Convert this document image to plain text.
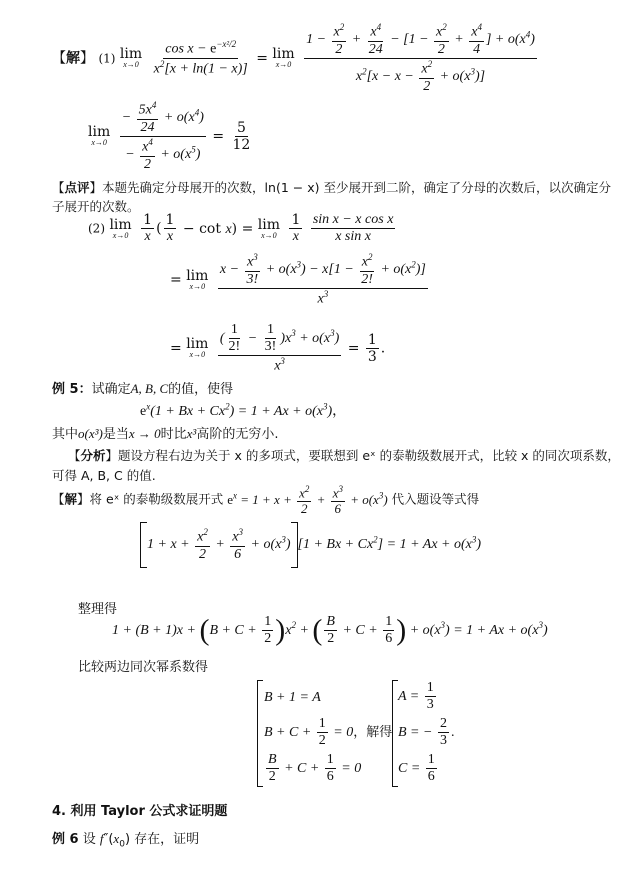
【解】 (1) lim
x→0
$\frac{\cos x - e^{-x^2/2}}{x^2[x + \ln(1 - x)]} = \lim$
x→0
$\frac{1 - \frac{x^2}{2} + \frac{x^4}{24} - [1 - \frac{x^2}{2} + \frac{x^4}{4} ] + o(x^4)}{x^2[x - x - \frac{x^2}{2} + o(x^3)]}$
lim
x→0
$\frac{- \frac{5x^4}{24} + o(x^4)}{- \frac{x^4}{2} + o(x^5)} = \frac{5}{12}$
【点评】本题先确定分母展开的次数，ln(1 − x) 至少展开到二阶，确定了分母的次数后，以次确定分
子展开的次数。
(2) lim
x→0
$\frac{1}{x}$ ( $\frac{1}{x} - \cot x) = \lim$
x→0
$\frac{1}{x}$
$\frac{\text{sin x − x cos x}}{\text{x sin x}}$
= lim
x→0
$\frac{x - \frac{x^3}{3!} + o(x^3) - x[1 - \frac{x^2}{2!} + o(x^2)]}{x^3}$
= lim
x→0
$\frac{( \frac{1}{2!} - \frac{1}{3!} )x^3 + o(x^3)}{x^3} = \frac{1}{3}$ .
例 5：试确定A, B, C的值，使得
$e^x(1 + Bx + Cx^2) = 1 + Ax + o(x^3)$，
其中o(x³)是当x → 0时比x³高阶的无穷小.
【分析】题设方程右边为关于 x 的多项式，要联想到 eˣ 的泰勒级数展开式，比较 x 的同次项系数，
可得 A, B, C 的值.
【解】将 eˣ 的泰勒级数展开式 $e^x = 1 + x + \frac{x^2}{2} + \frac{x^3}{6} + o(x^3)$ 代入题设等式得
$1 + x + \frac{x^2}{2} + \frac{x^3}{6} + o(x^3) [1 + Bx + Cx^2] = 1 + Ax + o(x^3)$
整理得
$1 + (B + 1)x + (B + C + \frac{1}{2} )x^2$ + ( $\frac{B}{2} + C + \frac{1}{6}$ ) + $o(x^3) = 1 + Ax + o(x^3)$
比较两边同次幂系数得
B + 1 = A
$B + C + \frac{1}{2} = 0$，解得
$\frac{B}{2} + C + \frac{1}{6} = 0$
$A = \frac{1}{3}$
B = − $\frac{2}{3}$ .
$C = \frac{1}{6}$
4. 利用 Taylor 公式求证明题
例 6 设 $f''(x_0)$ 存在，证明
